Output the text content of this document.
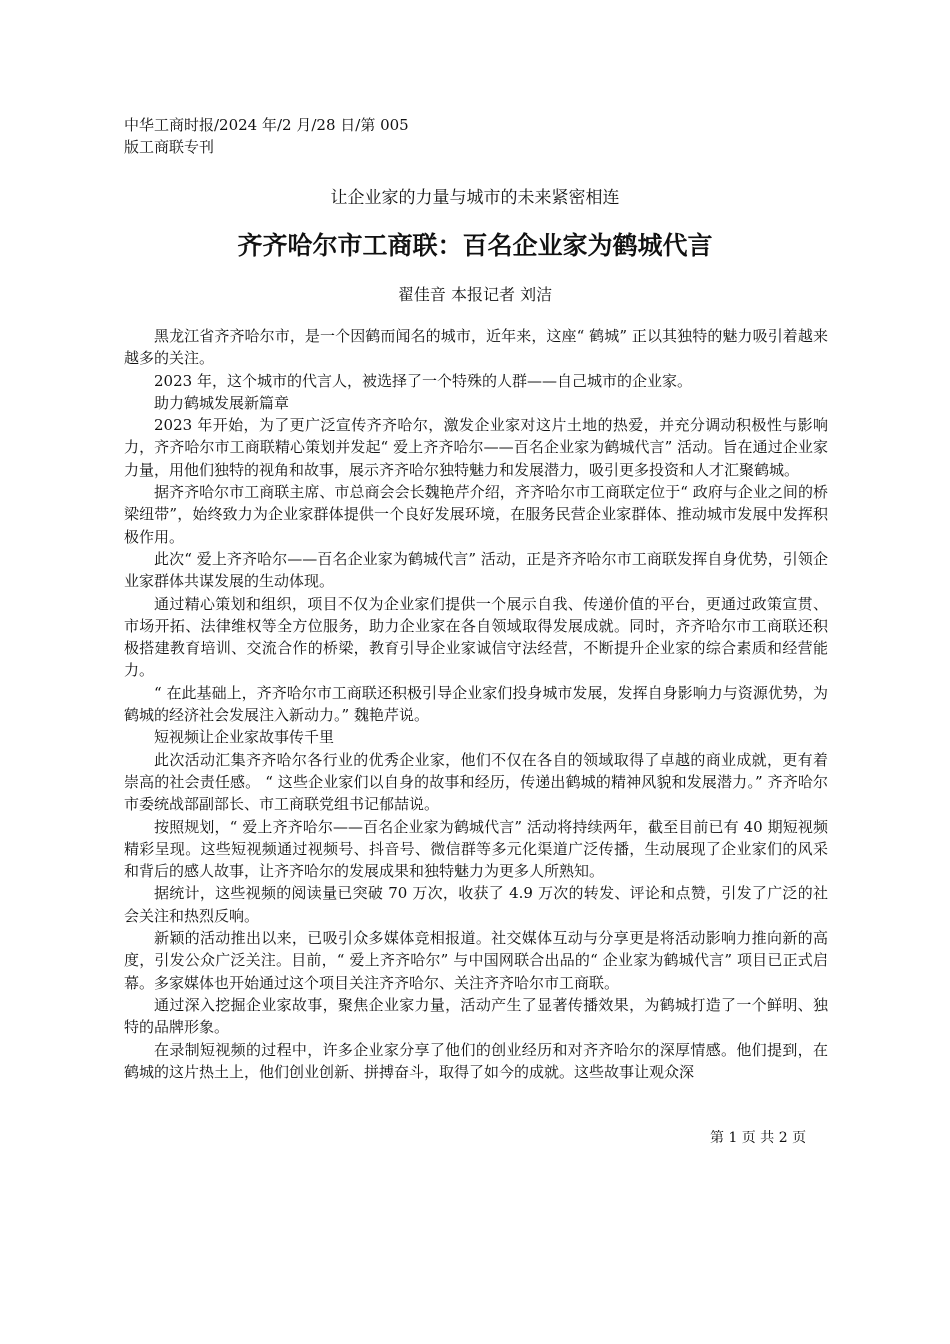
中华工商时报/2024 年/2 月/28 日/第 005
版工商联专刊
让企业家的力量与城市的未来紧密相连
齐齐哈尔市工商联：百名企业家为鹤城代言
翟佳音 本报记者 刘洁

黑龙江省齐齐哈尔市，是一个因鹤而闻名的城市，近年来，这座“ 鹤城” 正以其独特的魅力吸引着越来越多的关注。

2023 年，这个城市的代言人，被选择了一个特殊的人群——自己城市的企业家。

助力鹤城发展新篇章

2023 年开始，为了更广泛宣传齐齐哈尔，激发企业家对这片土地的热爱，并充分调动积极性与影响力，齐齐哈尔市工商联精心策划并发起“ 爱上齐齐哈尔——百名企业家为鹤城代言” 活动。旨在通过企业家力量，用他们独特的视角和故事，展示齐齐哈尔独特魅力和发展潜力，吸引更多投资和人才汇聚鹤城。

据齐齐哈尔市工商联主席、市总商会会长魏艳芹介绍，齐齐哈尔市工商联定位于“ 政府与企业之间的桥梁纽带”，始终致力为企业家群体提供一个良好发展环境，在服务民营企业家群体、推动城市发展中发挥积极作用。

此次“ 爱上齐齐哈尔——百名企业家为鹤城代言” 活动，正是齐齐哈尔市工商联发挥自身优势，引领企业家群体共谋发展的生动体现。

通过精心策划和组织，项目不仅为企业家们提供一个展示自我、传递价值的平台，更通过政策宣贯、市场开拓、法律维权等全方位服务，助力企业家在各自领域取得发展成就。同时，齐齐哈尔市工商联还积极搭建教育培训、交流合作的桥梁，教育引导企业家诚信守法经营，不断提升企业家的综合素质和经营能力。

“ 在此基础上，齐齐哈尔市工商联还积极引导企业家们投身城市发展，发挥自身影响力与资源优势，为鹤城的经济社会发展注入新动力。” 魏艳芹说。

短视频让企业家故事传千里

此次活动汇集齐齐哈尔各行业的优秀企业家，他们不仅在各自的领域取得了卓越的商业成就，更有着崇高的社会责任感。 “ 这些企业家们以自身的故事和经历，传递出鹤城的精神风貌和发展潜力。” 齐齐哈尔市委统战部副部长、市工商联党组书记郁喆说。

按照规划，“ 爱上齐齐哈尔——百名企业家为鹤城代言” 活动将持续两年，截至目前已有 40 期短视频精彩呈现。这些短视频通过视频号、抖音号、微信群等多元化渠道广泛传播，生动展现了企业家们的风采和背后的感人故事，让齐齐哈尔的发展成果和独特魅力为更多人所熟知。

据统计，这些视频的阅读量已突破 70 万次，收获了 4.9 万次的转发、评论和点赞，引发了广泛的社会关注和热烈反响。

新颖的活动推出以来，已吸引众多媒体竞相报道。社交媒体互动与分享更是将活动影响力推向新的高度，引发公众广泛关注。目前，“ 爱上齐齐哈尔” 与中国网联合出品的“ 企业家为鹤城代言” 项目已正式启幕。多家媒体也开始通过这个项目关注齐齐哈尔、关注齐齐哈尔市工商联。

通过深入挖掘企业家故事，聚焦企业家力量，活动产生了显著传播效果，为鹤城打造了一个鲜明、独特的品牌形象。

在录制短视频的过程中，许多企业家分享了他们的创业经历和对齐齐哈尔的深厚情感。他们提到，在鹤城的这片热土上，他们创业创新、拼搏奋斗，取得了如今的成就。这些故事让观众深

第 1 页 共 2 页
